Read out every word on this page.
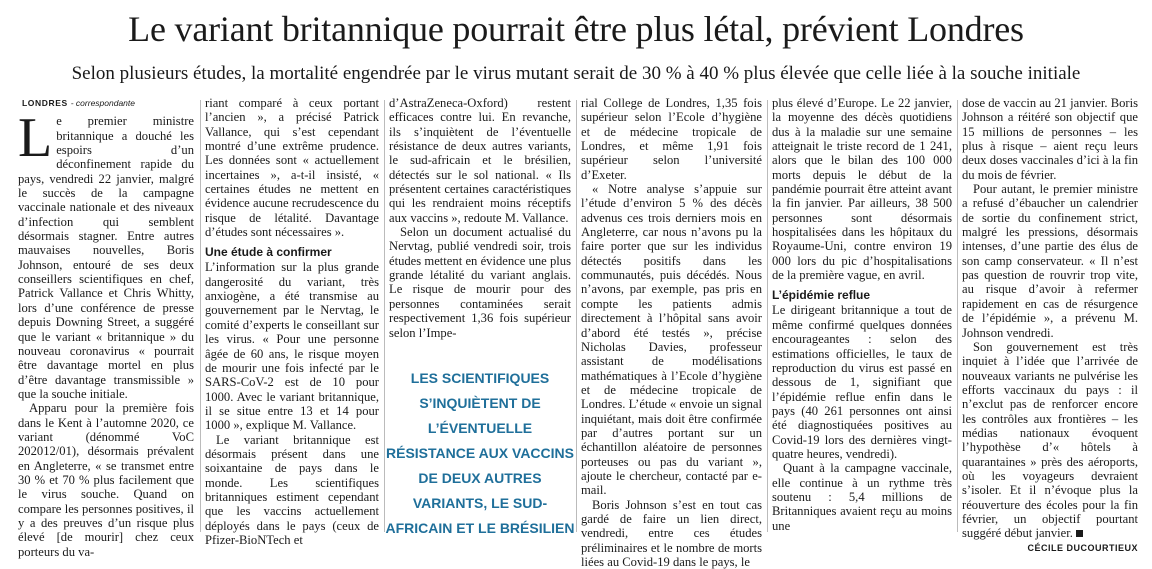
Le variant britannique pourrait être plus létal, prévient Londres
Selon plusieurs études, la mortalité engendrée par le virus mutant serait de 30 % à 40 % plus élevée que celle liée à la souche initiale
LONDRES - correspondante

Le premier ministre britannique a douché les espoirs d’un déconfinement rapide du pays, vendredi 22 janvier, malgré le succès de la campagne vaccinale nationale et des niveaux d’infection qui semblent désormais stagner. Entre autres mauvaises nouvelles, Boris Johnson, entouré de ses deux conseillers scientifiques en chef, Patrick Vallance et Chris Whitty, lors d’une conférence de presse depuis Downing Street, a suggéré que le variant « britannique » du nouveau coronavirus « pourrait être davantage mortel en plus d’être davantage transmissible » que la souche initiale.

Apparu pour la première fois dans le Kent à l’automne 2020, ce variant (dénommé VoC 202012/01), désormais prévalent en Angleterre, « se transmet entre 30 % et 70 % plus facilement que le virus souche. Quand on compare les personnes positives, il y a des preuves d’un risque plus élevé [de mourir] chez ceux porteurs du va-

riant comparé à ceux portant l’ancien », a précisé Patrick Vallance, qui s’est cependant montré d’une extrême prudence. Les données sont « actuellement incertaines », a-t-il insisté, « certaines études ne mettent en évidence aucune recrudescence du risque de létalité. Davantage d’études sont nécessaires ».

Une étude à confirmer

L’information sur la plus grande dangerosité du variant, très anxiogène, a été transmise au gouvernement par le Nervtag, le comité d’experts le conseillant sur les virus. « Pour une personne âgée de 60 ans, le risque moyen de mourir une fois infecté par le SARS-CoV-2 est de 10 pour 1000. Avec le variant britannique, il se situe entre 13 et 14 pour 1000 », explique M. Vallance.

Le variant britannique est désormais présent dans une soixantaine de pays dans le monde. Les scientifiques britanniques estiment cependant que les vaccins actuellement déployés dans le pays (ceux de Pfizer-BioNTech et

d’AstraZeneca-Oxford) restent efficaces contre lui. En revanche, ils s’inquiètent de l’éventuelle résistance de deux autres variants, le sud-africain et le brésilien, détectés sur le sol national. « Ils présentent certaines caractéristiques qui les rendraient moins réceptifs aux vaccins », redoute M. Vallance.

Selon un document actualisé du Nervtag, publié vendredi soir, trois études mettent en évidence une plus grande létalité du variant anglais. Le risque de mourir pour des personnes contaminées serait respectivement 1,36 fois supérieur selon l’Impe-

LES SCIENTIFIQUES S’INQUIÈTENT DE L’ÉVENTUELLE RÉSISTANCE AUX VACCINS DE DEUX AUTRES VARIANTS, LE SUD-AFRICAIN ET LE BRÉSILIEN

rial College de Londres, 1,35 fois supérieur selon l’Ecole d’hygiène et de médecine tropicale de Londres, et même 1,91 fois supérieur selon l’université d’Exeter.

« Notre analyse s’appuie sur l’étude d’environ 5 % des décès advenus ces trois derniers mois en Angleterre, car nous n’avons pu la faire porter que sur les individus détectés positifs dans les communautés, puis décédés. Nous n’avons, par exemple, pas pris en compte les patients admis directement à l’hôpital sans avoir d’abord été testés », précise Nicholas Davies, professeur assistant de modélisations mathématiques à l’Ecole d’hygiène et de médecine tropicale de Londres. L’étude « envoie un signal inquiétant, mais doit être confirmée par d’autres portant sur un échantillon aléatoire de personnes porteuses ou pas du variant », ajoute le chercheur, contacté par e-mail.

Boris Johnson s’est en tout cas gardé de faire un lien direct, vendredi, entre ces études préliminaires et le nombre de morts liées au Covid-19 dans le pays, le

plus élevé d’Europe. Le 22 janvier, la moyenne des décès quotidiens dus à la maladie sur une semaine atteignait le triste record de 1 241, alors que le bilan des 100 000 morts depuis le début de la pandémie pourrait être atteint avant la fin janvier. Par ailleurs, 38 500 personnes sont désormais hospitalisées dans les hôpitaux du Royaume-Uni, contre environ 19 000 lors du pic d’hospitalisations de la première vague, en avril.

L’épidémie reflue

Le dirigeant britannique a tout de même confirmé quelques données encourageantes : selon des estimations officielles, le taux de reproduction du virus est passé en dessous de 1, signifiant que l’épidémie reflue enfin dans le pays (40 261 personnes ont ainsi été diagnostiquées positives au Covid-19 lors des dernières vingt-quatre heures, vendredi).

Quant à la campagne vaccinale, elle continue à un rythme très soutenu : 5,4 millions de Britanniques avaient reçu au moins une

dose de vaccin au 21 janvier. Boris Johnson a réitéré son objectif que 15 millions de personnes – les plus à risque – aient reçu leurs deux doses vaccinales d’ici à la fin du mois de février.

Pour autant, le premier ministre a refusé d’ébaucher un calendrier de sortie du confinement strict, malgré les pressions, désormais intenses, d’une partie des élus de son camp conservateur. « Il n’est pas question de rouvrir trop vite, au risque d’avoir à refermer rapidement en cas de résurgence de l’épidémie », a prévenu M. Johnson vendredi.

Son gouvernement est très inquiet à l’idée que l’arrivée de nouveaux variants ne pulvérise les efforts vaccinaux du pays : il n’exclut pas de renforcer encore les contrôles aux frontières – les médias nationaux évoquent l’hypothèse d’« hôtels à quarantaines » près des aéroports, où les voyageurs devraient s’isoler. Et il n’évoque plus la réouverture des écoles pour la fin février, un objectif pourtant suggéré début janvier.

CÉCILE DUCOURTIEUX
